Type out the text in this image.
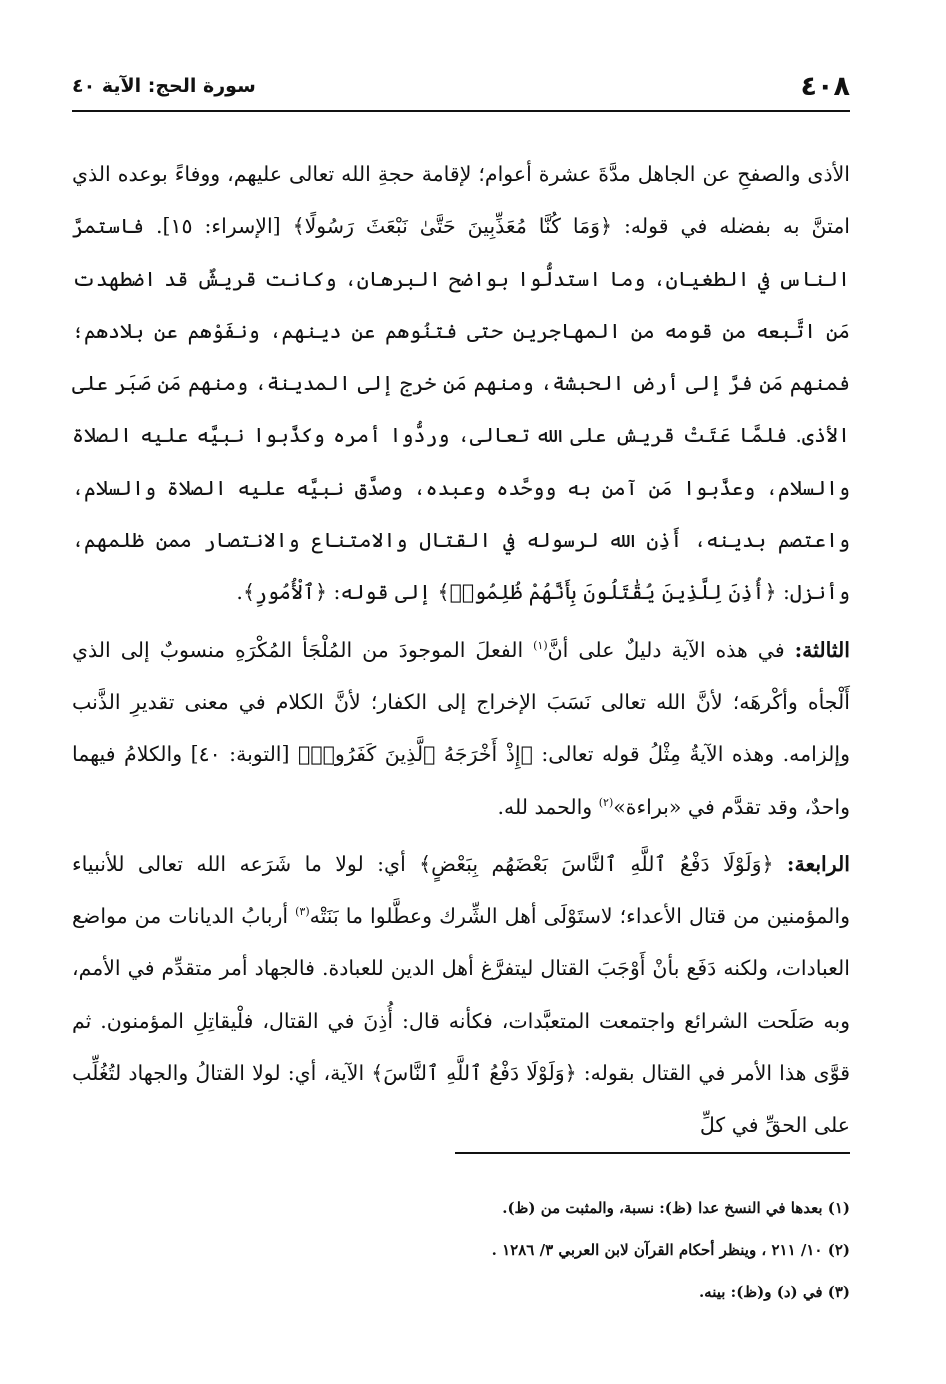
٤٠٨
سورة الحج: الآية ٤٠

الأذى والصفحِ عن الجاهل مدَّةَ عشرة أعوام؛ لإقامة حجةِ الله تعالى عليهم، ووفاءً بوعده الذي امتنَّ به بفضله في قوله: ﴿وَمَا كُنَّا مُعَذِّبِينَ حَتَّىٰ نَبْعَثَ رَسُولًا﴾ [الإسراء: ١٥]. فاستمرَّ الناس في الطغيان، وما استدلُّوا بواضح البرهان، وكانت قريشٌ قد اضطهدت مَن اتَّبعه من قومه من المهاجرين حتى فتنُوهم عن دينهم، ونفَوْهم عن بلادهم؛ فمنهم مَن فرَّ إلى أرض الحبشة، ومنهم مَن خرج إلى المدينة، ومنهم مَن صَبَر على الأذى. فلمَّا عَتَتْ قريش على الله تعالى، وردُّوا أمره وكذَّبوا نبيَّه عليه الصلاة والسلام، وعذَّبوا مَن آمن به ووحَّده وعبده، وصدَّق نبيَّه عليه الصلاة والسلام، واعتصم بدينه، أَذِن الله لرسوله في القتال والامتناع والانتصار ممن ظلمهم، وأنزل: ﴿أُذِنَ لِلَّذِينَ يُقَٰتَلُونَ بِأَنَّهُمْ ظُلِمُوا۟﴾ إلى قوله: ﴿ٱلْأُمُورِ﴾.

الثالثة: في هذه الآية دليلٌ على أنَّ$^{(١)}$ الفعلَ الموجودَ من المُلْجَأ المُكْرَهِ منسوبٌ إلى الذي أَلْجأه وأكْرهَه؛ لأنَّ الله تعالى نَسَبَ الإخراج إلى الكفار؛ لأنَّ الكلام في معنى تقديرِ الذَّنب وإلزامه. وهذه الآيةُ مِثْلُ قوله تعالى: ﴿إِذْ أَخْرَجَهُ ٱلَّذِينَ كَفَرُوا۟﴾ [التوبة: ٤٠] والكلامُ فيهما واحدٌ، وقد تقدَّم في «براءة»$^{(٢)}$ والحمد لله.

الرابعة: ﴿وَلَوْلَا دَفْعُ ٱللَّهِ ٱلنَّاسَ بَعْضَهُم بِبَعْضٍ﴾ أي: لولا ما شَرَعه الله تعالى للأنبياء والمؤمنين من قتال الأعداء؛ لاستَوْلَى أهل الشِّرك وعطَّلوا ما بَنَتْه$^{(٣)}$ أربابُ الديانات من مواضع العبادات، ولكنه دَفَع بأنْ أَوْجَبَ القتال ليتفرَّغ أهل الدين للعبادة. فالجهاد أمر متقدِّم في الأمم، وبه صَلَحت الشرائع واجتمعت المتعبَّدات، فكأنه قال: أُذِنَ في القتال، فلْيقاتِلِ المؤمنون. ثم قوَّى هذا الأمر في القتال بقوله: ﴿وَلَوْلَا دَفْعُ ٱللَّهِ ٱلنَّاسَ﴾ الآية، أي: لولا القتالُ والجهاد لتُغُلِّب على الحقِّ في كلِّ

(١) بعدها في النسخ عدا (ظ): نسبة، والمثبت من (ظ).

(٢) ١٠/ ٢١١ ، وينظر أحكام القرآن لابن العربي ٣/ ١٢٨٦ .

(٣) في (د) و(ظ): بينه.
